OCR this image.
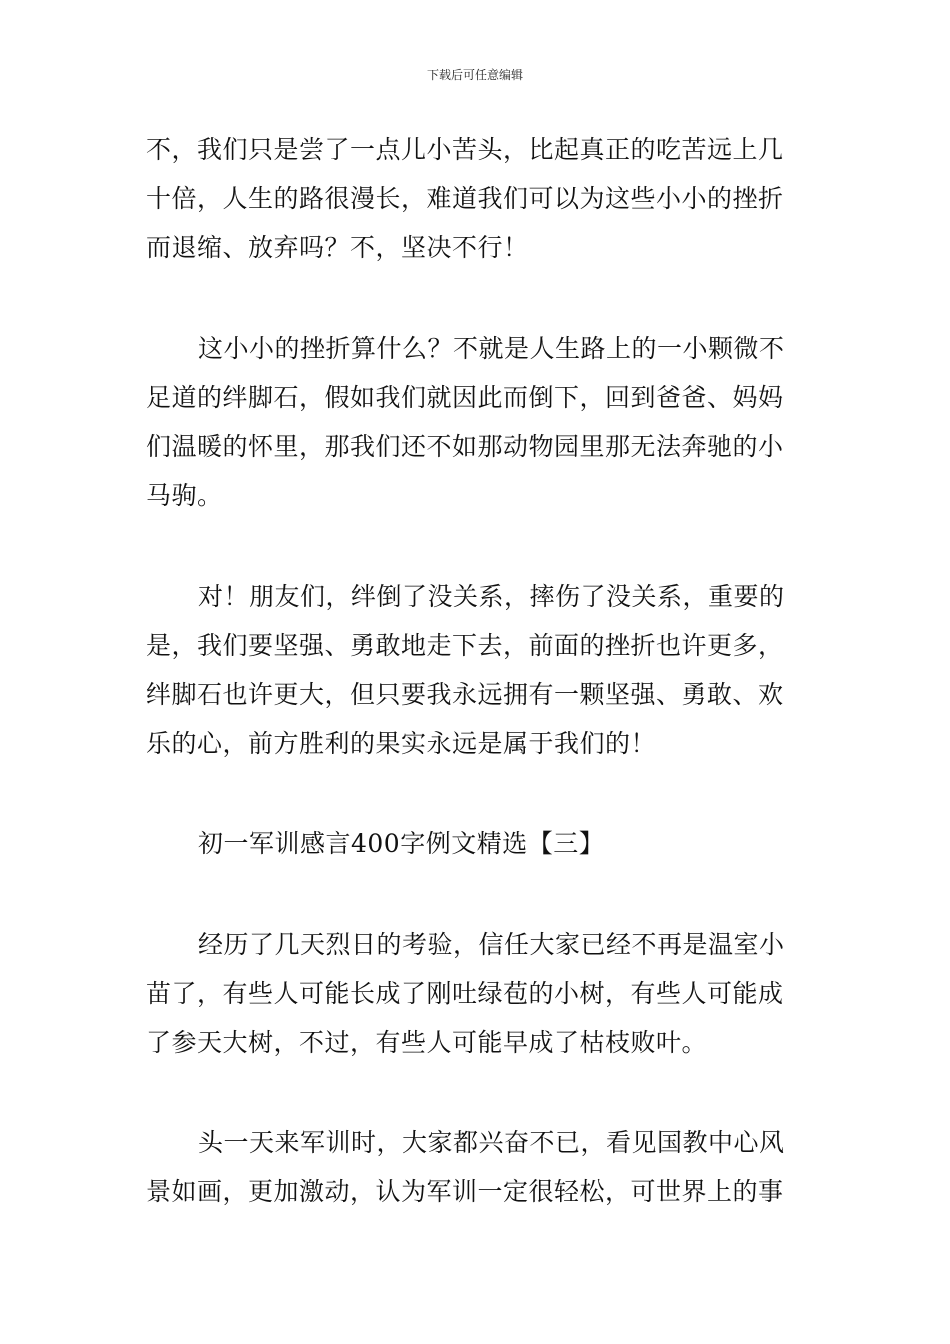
下载后可任意编辑
不，我们只是尝了一点儿小苦头，比起真正的吃苦远上几
十倍，人生的路很漫长，难道我们可以为这些小小的挫折
而退缩、放弃吗？不，坚决不行！
这小小的挫折算什么？不就是人生路上的一小颗微不
足道的绊脚石，假如我们就因此而倒下，回到爸爸、妈妈
们温暖的怀里，那我们还不如那动物园里那无法奔驰的小
马驹。
对！朋友们，绊倒了没关系，摔伤了没关系，重要的
是，我们要坚强、勇敢地走下去，前面的挫折也许更多，
绊脚石也许更大，但只要我永远拥有一颗坚强、勇敢、欢
乐的心，前方胜利的果实永远是属于我们的！
初一军训感言400字例文精选【三】
经历了几天烈日的考验，信任大家已经不再是温室小
苗了，有些人可能长成了刚吐绿苞的小树，有些人可能成
了参天大树，不过，有些人可能早成了枯枝败叶。
头一天来军训时，大家都兴奋不已，看见国教中心风
景如画，更加激动，认为军训一定很轻松，可世界上的事
